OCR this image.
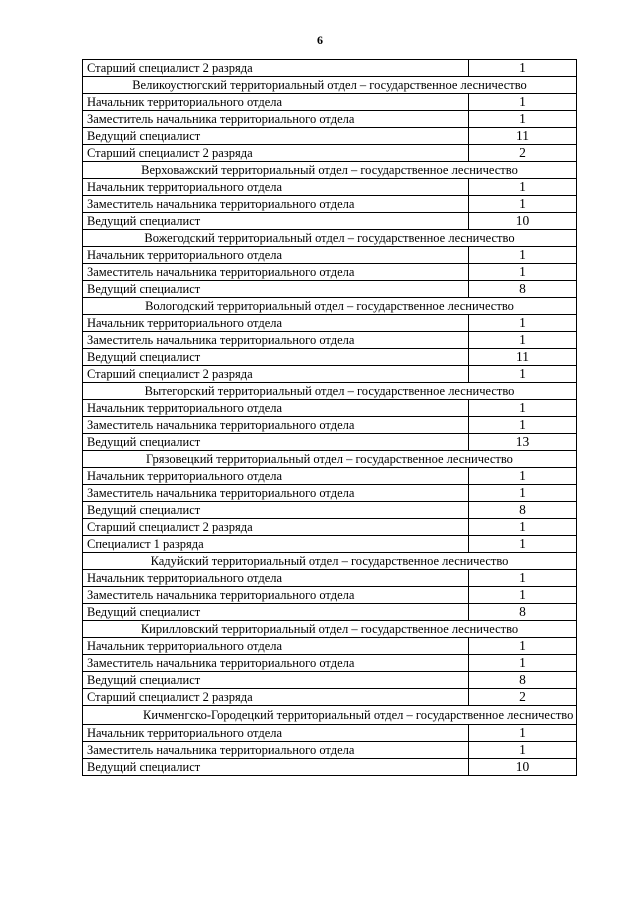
6
Старший специалист 2 разряда	1
Великоустюгский территориальный отдел – государственное лесничество	
Начальник территориального отдела	1
Заместитель начальника территориального отдела	1
Ведущий специалист	11
Старший специалист 2 разряда	2
Верховажский территориальный отдел – государственное лесничество	
Начальник территориального отдела	1
Заместитель начальника территориального отдела	1
Ведущий специалист	10
Вожегодский территориальный отдел – государственное лесничество	
Начальник территориального отдела	1
Заместитель начальника территориального отдела	1
Ведущий специалист	8
Вологодский территориальный отдел – государственное лесничество	
Начальник территориального отдела	1
Заместитель начальника территориального отдела	1
Ведущий специалист	11
Старший специалист 2 разряда	1
Вытегорский территориальный отдел – государственное лесничество	
Начальник территориального отдела	1
Заместитель начальника территориального отдела	1
Ведущий специалист	13
Грязовецкий территориальный отдел – государственное лесничество	
Начальник территориального отдела	1
Заместитель начальника территориального отдела	1
Ведущий специалист	8
Старший специалист 2 разряда	1
Специалист 1 разряда	1
Кадуйский территориальный отдел – государственное лесничество	
Начальник территориального отдела	1
Заместитель начальника территориального отдела	1
Ведущий специалист	8
Кирилловский территориальный отдел – государственное лесничество	
Начальник территориального отдела	1
Заместитель начальника территориального отдела	1
Ведущий специалист	8
Старший специалист 2 разряда	2
Кичменгско-Городецкий территориальный отдел – государственное лесничество	
Начальник территориального отдела	1
Заместитель начальника территориального отдела	1
Ведущий специалист	10
